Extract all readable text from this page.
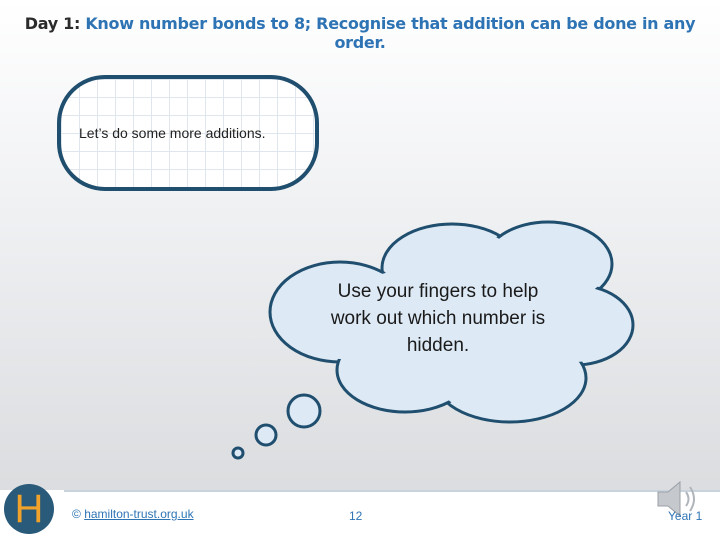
Day 1: Know number bonds to 8; Recognise that addition can be done in any order.
Let’s do some more additions.
Use your fingers to help work out which number is hidden.
H © hamilton-trust.org.uk	12	Year 1
